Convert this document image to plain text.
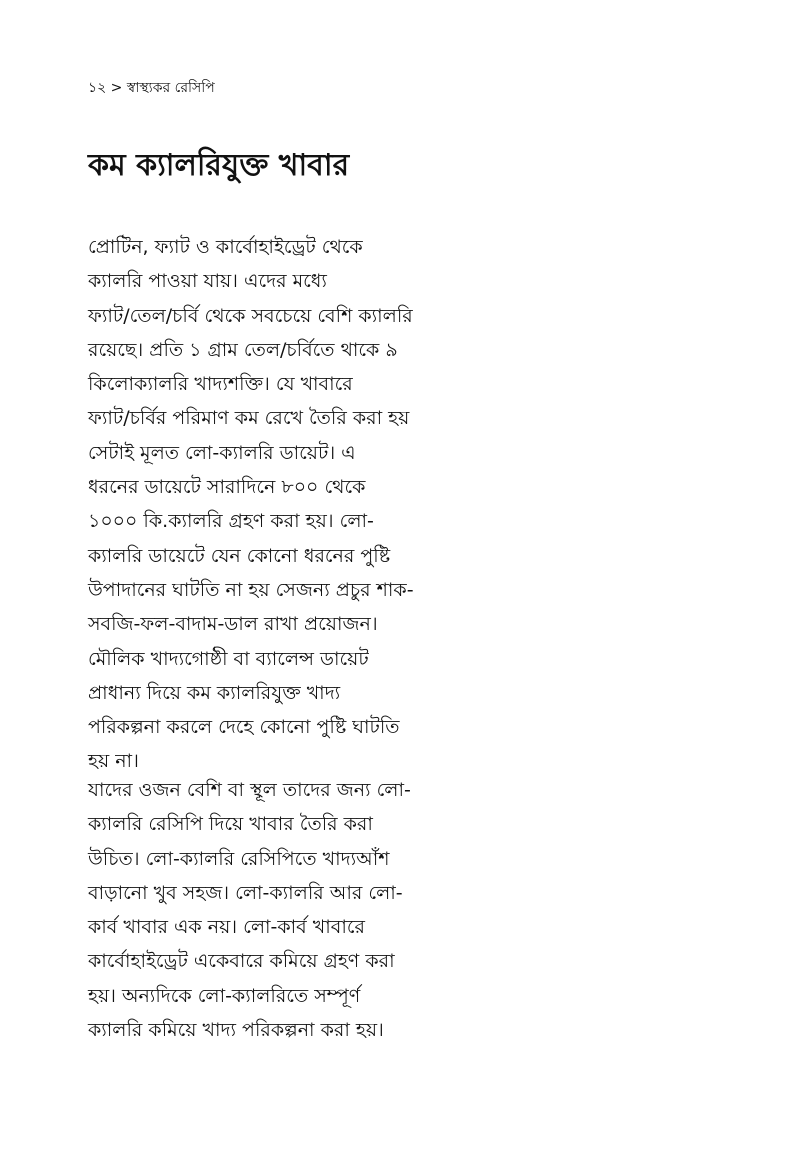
১২ > স্বাস্থ্যকর রেসিপি
কম ক্যালরিযুক্ত খাবার
প্রোটিন, ফ্যাট ও কার্বোহাইড্রেট থেকে
ক্যালরি পাওয়া যায়। এদের মধ্যে
ফ্যাট/তেল/চর্বি থেকে সবচেয়ে বেশি ক্যালরি
রয়েছে। প্রতি ১ গ্রাম তেল/চর্বিতে থাকে ৯
কিলোক্যালরি খাদ্যশক্তি। যে খাবারে
ফ্যাট/চর্বির পরিমাণ কম রেখে তৈরি করা হয়
সেটাই মূলত লো-ক্যালরি ডায়েট। এ
ধরনের ডায়েটে সারাদিনে ৮০০ থেকে
১০০০ কি.ক্যালরি গ্রহণ করা হয়। লো-
ক্যালরি ডায়েটে যেন কোনো ধরনের পুষ্টি
উপাদানের ঘাটতি না হয় সেজন্য প্রচুর শাক-
সবজি-ফল-বাদাম-ডাল রাখা প্রয়োজন।
মৌলিক খাদ্যগোষ্ঠী বা ব্যালেন্স ডায়েট
প্রাধান্য দিয়ে কম ক্যালরিযুক্ত খাদ্য
পরিকল্পনা করলে দেহে কোনো পুষ্টি ঘাটতি
হয় না।
যাদের ওজন বেশি বা স্থূল তাদের জন্য লো-
ক্যালরি রেসিপি দিয়ে খাবার তৈরি করা
উচিত। লো-ক্যালরি রেসিপিতে খাদ্যআঁশ
বাড়ানো খুব সহজ। লো-ক্যালরি আর লো-
কার্ব খাবার এক নয়। লো-কার্ব খাবারে
কার্বোহাইড্রেট একেবারে কমিয়ে গ্রহণ করা
হয়। অন্যদিকে লো-ক্যালরিতে সম্পূর্ণ
ক্যালরি কমিয়ে খাদ্য পরিকল্পনা করা হয়।
